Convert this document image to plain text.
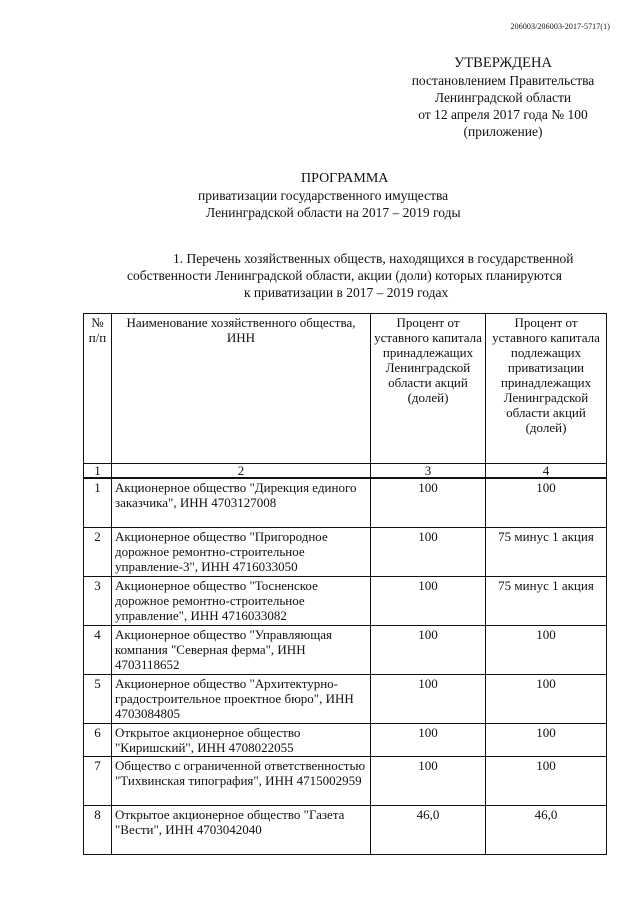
206003/206003-2017-5717(1)
УТВЕРЖДЕНА
постановлением Правительства
Ленинградской области
от 12 апреля 2017 года № 100
(приложение)
ПРОГРАММА
приватизации государственного имущества
Ленинградской области на 2017 – 2019 годы
1. Перечень хозяйственных обществ, находящихся в государственной
собственности Ленинградской области, акции (доли) которых планируются
к приватизации в 2017 – 2019 годах
№ п/п	Наименование хозяйственного общества, ИНН	Процент от уставного капитала принадлежащих Ленинградской области акций (долей)	Процент от уставного капитала подлежащих приватизации принадлежащих Ленинградской области акций (долей)
1	2	3	4
1	Акционерное общество "Дирекция единого заказчика", ИНН 4703127008	100	100
2	Акционерное общество "Пригородное дорожное ремонтно-строительное управление-3", ИНН 4716033050	100	75 минус 1 акция
3	Акционерное общество "Тосненское дорожное ремонтно-строительное управление", ИНН 4716033082	100	75 минус 1 акция
4	Акционерное общество "Управляющая компания "Северная ферма", ИНН 4703118652	100	100
5	Акционерное общество "Архитектурно-градостроительное проектное бюро", ИНН 4703084805	100	100
6	Открытое акционерное общество "Киришский", ИНН 4708022055	100	100
7	Общество с ограниченной ответственностью "Тихвинская типография", ИНН 4715002959	100	100
8	Открытое акционерное общество "Газета "Вести", ИНН 4703042040	46,0	46,0
